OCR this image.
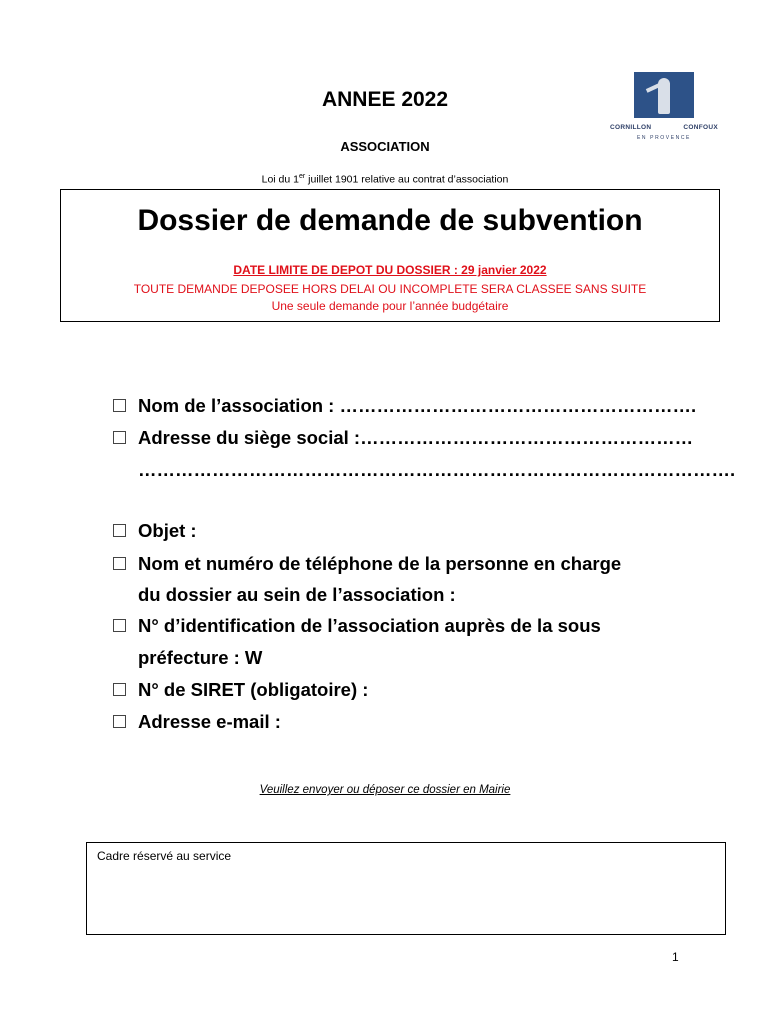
ANNEE 2022
ASSOCIATION
Loi du 1er juillet 1901 relative au contrat d’association
CORNILLON	CONFOUX
EN PROVENCE
Dossier de demande de subvention
DATE LIMITE DE DEPOT DU DOSSIER : 29 janvier 2022
TOUTE DEMANDE DEPOSEE HORS DELAI OU INCOMPLETE SERA CLASSEE SANS SUITE
Une seule demande pour l’année budgétaire
Nom de l’association : ………………………………………………….
Adresse du siège social :………………………………………………
…………………………………………………………………………………….
Objet :
Nom et numéro de téléphone de la personne en charge
du dossier au sein de l’association :
N° d’identification de l’association auprès de la sous
préfecture : W
N° de SIRET (obligatoire) :
Adresse e-mail :
Veuillez envoyer ou déposer ce dossier en Mairie
Cadre réservé au service
1
